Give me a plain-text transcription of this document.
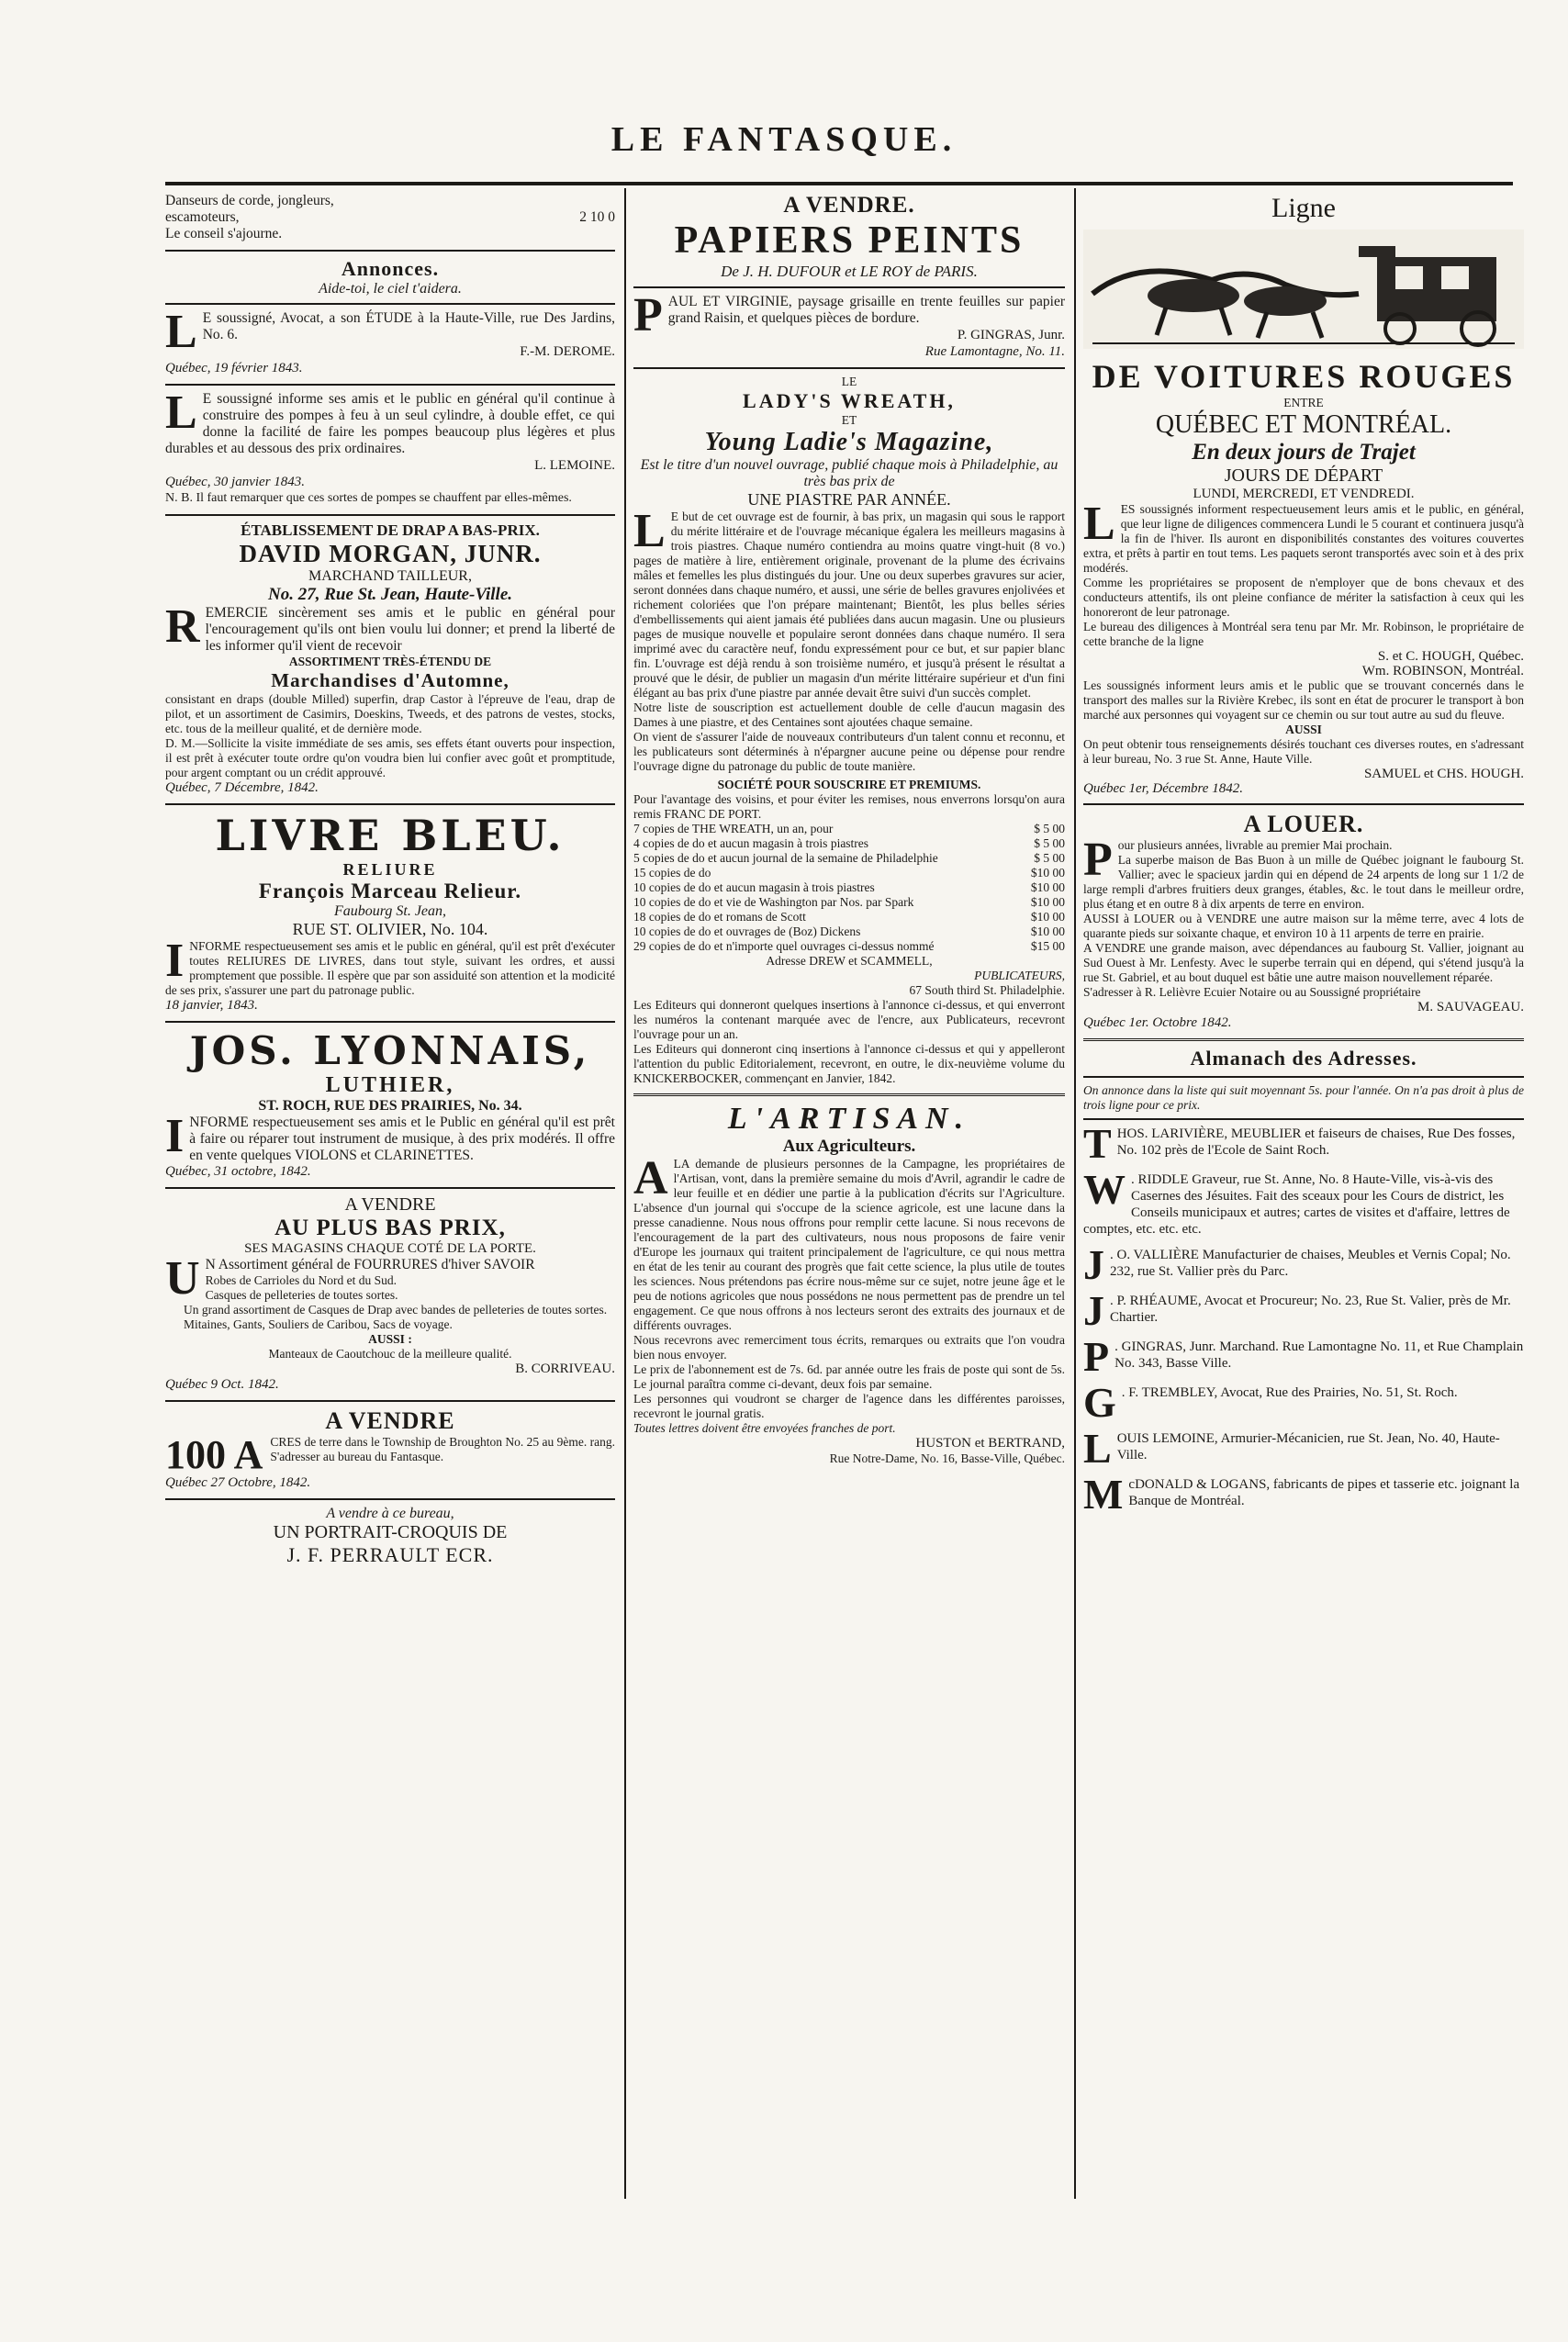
LE FANTASQUE.
Danseurs de corde, jongleurs,
escamoteurs,	2 10 0
Le conseil s'ajourne.
Annonces.
Aide-toi, le ciel t'aidera.
L E soussigné, Avocat, a son ÉTUDE à la Haute-Ville, rue Des Jardins, No. 6.
F.-M. DEROME.
Québec, 19 février 1843.
L E soussigné informe ses amis et le public en général qu'il continue à construire des pompes à feu à un seul cylindre, à double effet, ce qui donne la facilité de faire les pompes beaucoup plus légères et plus durables et au dessous des prix ordinaires.
L. LEMOINE.
Québec, 30 janvier 1843.
N. B. Il faut remarquer que ces sortes de pompes se chauffent par elles-mêmes.
ÉTABLISSEMENT DE DRAP A BAS-PRIX.
DAVID MORGAN, JUNR.
MARCHAND TAILLEUR,
No. 27, Rue St. Jean, Haute-Ville.
R EMERCIE sincèrement ses amis et le public en général pour l'encouragement qu'ils ont bien voulu lui donner; et prend la liberté de les informer qu'il vient de recevoir
ASSORTIMENT TRÈS-ÉTENDU DE
Marchandises d'Automne,
consistant en draps (double Milled) superfin, drap Castor à l'épreuve de l'eau, drap de pilot, et un assortiment de Casimirs, Doeskins, Tweeds, et des patrons de vestes, stocks, etc. tous de la meilleur qualité, et de dernière mode.
D. M.—Sollicite la visite immédiate de ses amis, ses effets étant ouverts pour inspection, il est prêt à exécuter toute ordre qu'on voudra bien lui confier avec goût et promptitude, pour argent comptant ou un crédit approuvé.
Québec, 7 Décembre, 1842.
LIVRE BLEU.
RELIURE
François Marceau Relieur.
Faubourg St. Jean,
RUE ST. OLIVIER, No. 104.
I NFORME respectueusement ses amis et le public en général, qu'il est prêt d'exécuter toutes RELIURES DE LIVRES, dans tout style, suivant les ordres, et aussi promptement que possible. Il espère que par son assiduité son attention et la modicité de ses prix, s'assurer une part du patronage public.
18 janvier, 1843.
JOS. LYONNAIS,
LUTHIER,
ST. ROCH, RUE DES PRAIRIES, No. 34.
I NFORME respectueusement ses amis et le Public en général qu'il est prêt à faire ou réparer tout instrument de musique, à des prix modérés. Il offre en vente quelques VIOLONS et CLARINETTES.
Québec, 31 octobre, 1842.
A VENDRE
AU PLUS BAS PRIX,
SES MAGASINS CHAQUE COTÉ DE LA PORTE.
U N Assortiment général de FOURRURES d'hiver SAVOIR
Robes de Carrioles du Nord et du Sud.
Casques de pelleteries de toutes sortes.
Un grand assortiment de Casques de Drap avec bandes de pelleteries de toutes sortes.
Mitaines, Gants, Souliers de Caribou, Sacs de voyage.
AUSSI :
Manteaux de Caoutchouc de la meilleure qualité.
B. CORRIVEAU.
Québec 9 Oct. 1842.
A VENDRE
100 A CRES de terre dans le Township de Broughton No. 25 au 9ème. rang. S'adresser au bureau du Fantasque.
Québec 27 Octobre, 1842.
A vendre à ce bureau,
UN PORTRAIT-CROQUIS DE
J. F. PERRAULT ECR.
A VENDRE.
PAPIERS PEINTS
De J. H. DUFOUR et LE ROY de PARIS.
P AUL ET VIRGINIE, paysage grisaille en trente feuilles sur papier grand Raisin, et quelques pièces de bordure.
P. GINGRAS, Junr.
Rue Lamontagne, No. 11.
LE
LADY'S WREATH,
ET
Young Ladie's Magazine,
Est le titre d'un nouvel ouvrage, publié chaque mois à Philadelphie, au très bas prix de
UNE PIASTRE PAR ANNÉE.
L E but de cet ouvrage est de fournir, à bas prix, un magasin qui sous le rapport du mérite littéraire et de l'ouvrage mécanique égalera les meilleurs magasins à trois piastres. Chaque numéro contiendra au moins quatre vingt-huit (8 vo.) pages de matière à lire, entièrement originale, provenant de la plume des écrivains mâles et femelles les plus distingués du jour. Une ou deux superbes gravures sur acier, seront données dans chaque numéro, et aussi, une série de belles gravures enjolivées et richement coloriées que l'on prépare maintenant; Bientôt, les plus belles séries d'embellissements qui aient jamais été publiées dans aucun magasin. Une ou plusieurs pages de musique nouvelle et populaire seront données dans chaque numéro. Il sera imprimé avec du caractère neuf, fondu expressément pour ce but, et sur papier blanc fin. L'ouvrage est déjà rendu à son troisième numéro, et jusqu'à présent le résultat a prouvé que le désir, de publier un magasin d'un mérite littéraire supérieur et d'un fini élégant au bas prix d'une piastre par année devait être suivi d'un succès complet.
Notre liste de souscription est actuellement double de celle d'aucun magasin des Dames à une piastre, et des Centaines sont ajoutées chaque semaine.
On vient de s'assurer l'aide de nouveaux contributeurs d'un talent connu et reconnu, et les publicateurs sont déterminés à n'épargner aucune peine ou dépense pour rendre l'ouvrage digne du patronage du public de toute manière.
SOCIÉTÉ POUR SOUSCRIRE ET PREMIUMS.
Pour l'avantage des voisins, et pour éviter les remises, nous enverrons lorsqu'on aura remis FRANC DE PORT.
7 copies de THE WREATH, un an, pour	$ 5 00
4 copies de do et aucun magasin à trois piastres	$ 5 00
5 copies de do et aucun journal de la semaine de Philadelphie	$ 5 00
15 copies de do	$10 00
10 copies de do et aucun magasin à trois piastres	$10 00
10 copies de do et vie de Washington par Nos. par Spark	$10 00
18 copies de do et romans de Scott	$10 00
10 copies de do et ouvrages de (Boz) Dickens	$10 00
29 copies de do et n'importe quel ouvrages ci-dessus nommé	$15 00
Adresse DREW et SCAMMELL,
PUBLICATEURS,
67 South third St. Philadelphie.
Les Editeurs qui donneront quelques insertions à l'annonce ci-dessus, et qui enverront les numéros la contenant marquée avec de l'encre, aux Publicateurs, recevront l'ouvrage pour un an.
Les Editeurs qui donneront cinq insertions à l'annonce ci-dessus et qui y appelleront l'attention du public Editorialement, recevront, en outre, le dix-neuvième volume du KNICKERBOCKER, commençant en Janvier, 1842.
L'ARTISAN.
Aux Agriculteurs.
A LA demande de plusieurs personnes de la Campagne, les propriétaires de l'Artisan, vont, dans la première semaine du mois d'Avril, agrandir le cadre de leur feuille et en dédier une partie à la publication d'écrits sur l'Agriculture. L'absence d'un journal qui s'occupe de la science agricole, est une lacune dans la presse canadienne. Nous nous offrons pour remplir cette lacune. Si nous recevons de l'encouragement de la part des cultivateurs, nous nous proposons de faire venir d'Europe les journaux qui traitent principalement de l'agriculture, ce qui nous mettra en état de les tenir au courant des progrès que fait cette science, la plus utile de toutes les sciences. Nous prétendons pas écrire nous-même sur ce sujet, notre jeune âge et le peu de notions agricoles que nous possédons ne nous permettent pas de prendre un tel engagement. Ce que nous offrons à nos lecteurs seront des extraits des journaux et de différents ouvrages.
Nous recevrons avec remerciment tous écrits, remarques ou extraits que l'on voudra bien nous envoyer.
Le prix de l'abonnement est de 7s. 6d. par année outre les frais de poste qui sont de 5s. Le journal paraîtra comme ci-devant, deux fois par semaine.
Les personnes qui voudront se charger de l'agence dans les différentes paroisses, recevront le journal gratis.
Toutes lettres doivent être envoyées franches de port.
HUSTON et BERTRAND,
Rue Notre-Dame, No. 16, Basse-Ville, Québec.
Ligne
DE VOITURES ROUGES
ENTRE
QUÉBEC ET MONTRÉAL.
En deux jours de Trajet
JOURS DE DÉPART
LUNDI, MERCREDI, ET VENDREDI.
L ES soussignés informent respectueusement leurs amis et le public, en général, que leur ligne de diligences commencera Lundi le 5 courant et continuera jusqu'à la fin de l'hiver. Ils auront en disponibilités constantes des voitures couvertes extra, et prêts à partir en tout tems. Les paquets seront transportés avec soin et à des prix modérés.
Comme les propriétaires se proposent de n'employer que de bons chevaux et des conducteurs attentifs, ils ont pleine confiance de mériter la satisfaction à ceux qui les honoreront de leur patronage.
Le bureau des diligences à Montréal sera tenu par Mr. Mr. Robinson, le propriétaire de cette branche de la ligne
S. et C. HOUGH, Québec.
Wm. ROBINSON, Montréal.
Les soussignés informent leurs amis et le public que se trouvant concernés dans le transport des malles sur la Rivière Krebec, ils sont en état de procurer le transport à bon marché aux personnes qui voyagent sur ce chemin ou sur tout autre au sud du fleuve.
AUSSI
On peut obtenir tous renseignements désirés touchant ces diverses routes, en s'adressant à leur bureau, No. 3 rue St. Anne, Haute Ville.
SAMUEL et CHS. HOUGH.
Québec 1er, Décembre 1842.
A LOUER.
P our plusieurs années, livrable au premier Mai prochain.
La superbe maison de Bas Buon à un mille de Québec joignant le faubourg St. Vallier; avec le spacieux jardin qui en dépend de 24 arpents de long sur 1 1/2 de large rempli d'arbres fruitiers deux granges, étables, &c. le tout dans le meilleur ordre, plus étang et en outre 8 à dix arpents de terre en environ.
AUSSI à LOUER ou à VENDRE une autre maison sur la même terre, avec 4 lots de quarante pieds sur soixante chaque, et environ 10 à 11 arpents de terre en prairie.
A VENDRE une grande maison, avec dépendances au faubourg St. Vallier, joignant au Sud Ouest à Mr. Lenfesty. Avec le superbe terrain qui en dépend, qui s'étend jusqu'à la rue St. Gabriel, et au bout duquel est bâtie une autre maison nouvellement réparée.
S'adresser à R. Lelièvre Ecuier Notaire ou au Soussigné propriétaire
M. SAUVAGEAU.
Québec 1er. Octobre 1842.
Almanach des Adresses.
On annonce dans la liste qui suit moyennant 5s. pour l'année. On n'a pas droit à plus de trois ligne pour ce prix.
THOS. LARIVIÈRE, MEUBLIER et faiseurs de chaises, Rue Des fosses, No. 102 près de l'Ecole de Saint Roch.
W . RIDDLE Graveur, rue St. Anne, No. 8 Haute-Ville, vis-à-vis des Casernes des Jésuites. Fait des sceaux pour les Cours de district, les Conseils municipaux et autres; cartes de visites et d'affaire, lettres de comptes, etc. etc. etc.
J . O. VALLIÈRE Manufacturier de chaises, Meubles et Vernis Copal; No. 232, rue St. Vallier près du Parc.
J . P. RHÉAUME, Avocat et Procureur; No. 23, Rue St. Valier, près de Mr. Chartier.
P . GINGRAS, Junr. Marchand. Rue Lamontagne No. 11, et Rue Champlain No. 343, Basse Ville.
G . F. TREMBLEY, Avocat, Rue des Prairies, No. 51, St. Roch.
LOUIS LEMOINE, Armurier-Mécanicien, rue St. Jean, No. 40, Haute-Ville.
McDONALD & LOGANS, fabricants de pipes et tasserie etc. joignant la Banque de Montréal.
